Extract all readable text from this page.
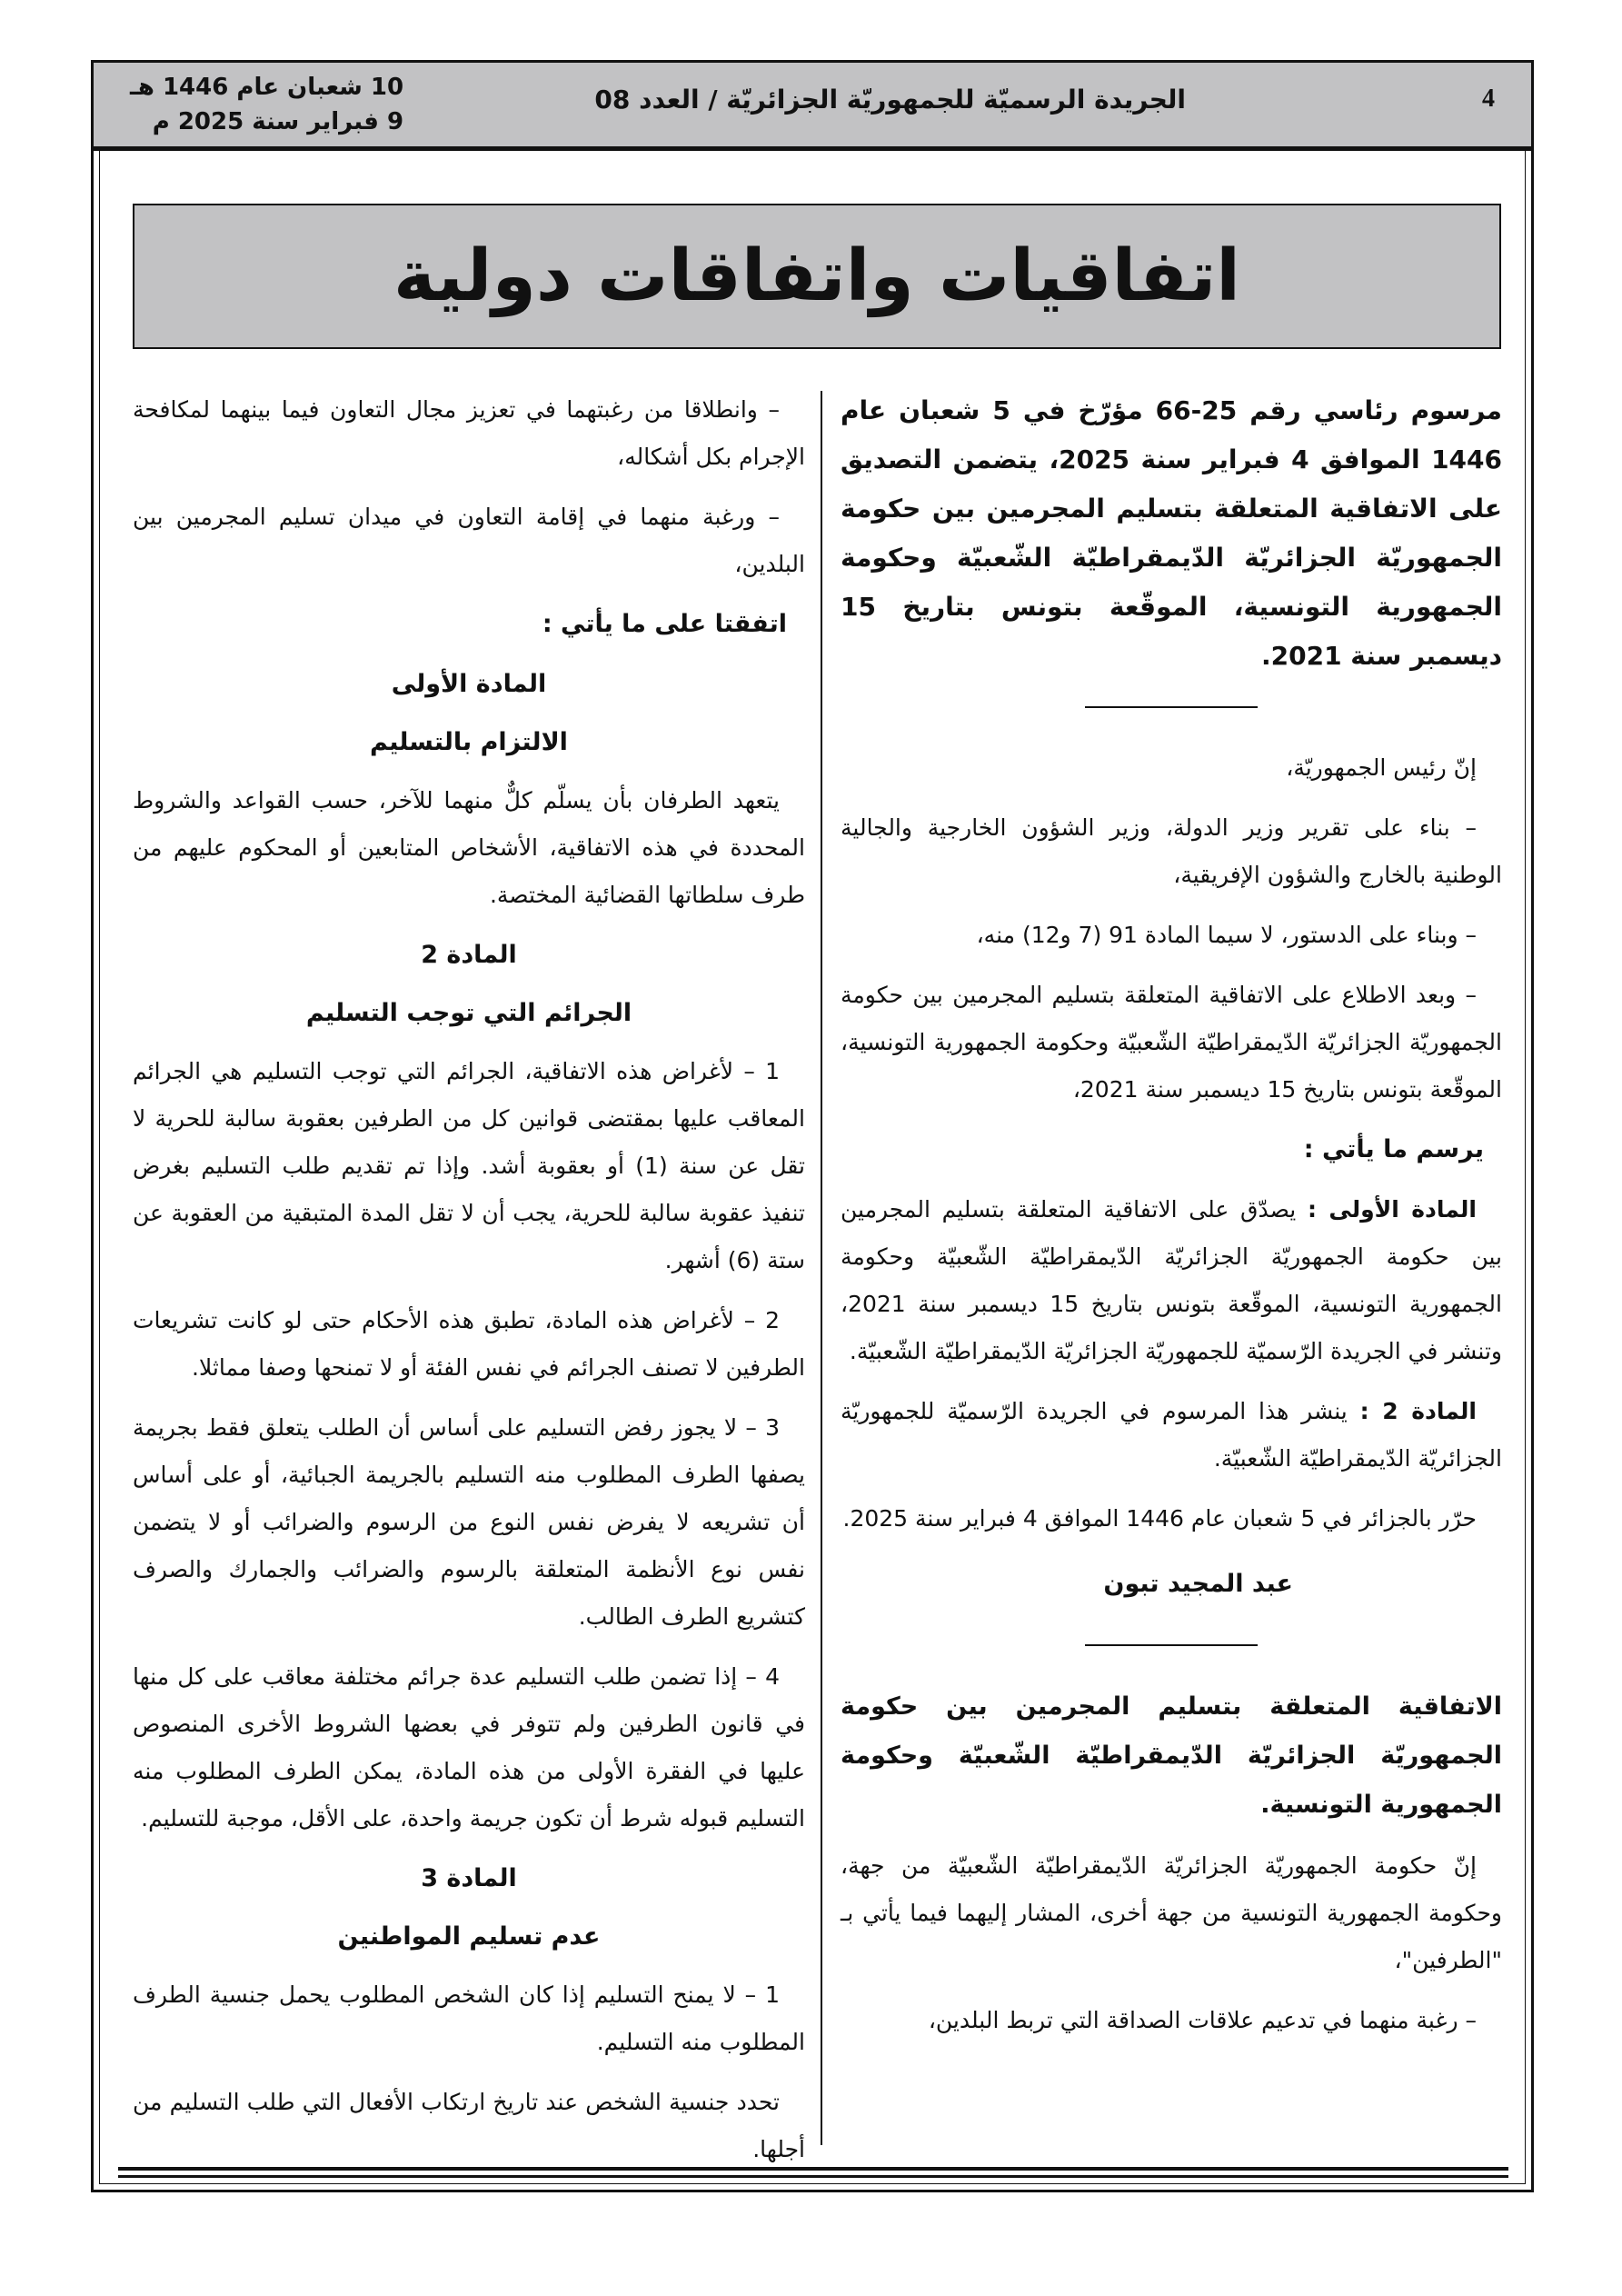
4
الجريدة الرسميّة للجمهوريّة الجزائريّة / العدد 08
10 شعبان عام 1446 هـ
9 فبراير سنة 2025 م
اتفاقيات واتفاقات دولية

مرسوم رئاسي رقم 25-66 مؤرّخ في 5 شعبان عام 1446 الموافق 4 فبراير سنة 2025، يتضمن التصديق على الاتفاقية المتعلقة بتسليم المجرمين بين حكومة الجمهوريّة الجزائريّة الدّيمقراطيّة الشّعبيّة وحكومة الجمهورية التونسية، الموقّعة بتونس بتاريخ 15 ديسمبر سنة 2021.

إنّ رئيس الجمهوريّة،

– بناء على تقرير وزير الدولة، وزير الشؤون الخارجية والجالية الوطنية بالخارج والشؤون الإفريقية،

– وبناء على الدستور، لا سيما المادة 91 (7 و12) منه،

– وبعد الاطلاع على الاتفاقية المتعلقة بتسليم المجرمين بين حكومة الجمهوريّة الجزائريّة الدّيمقراطيّة الشّعبيّة وحكومة الجمهورية التونسية، الموقّعة بتونس بتاريخ 15 ديسمبر سنة 2021،

يرسم ما يأتي :

المادة الأولى : يصدّق على الاتفاقية المتعلقة بتسليم المجرمين بين حكومة الجمهوريّة الجزائريّة الدّيمقراطيّة الشّعبيّة وحكومة الجمهورية التونسية، الموقّعة بتونس بتاريخ 15 ديسمبر سنة 2021، وتنشر في الجريدة الرّسميّة للجمهوريّة الجزائريّة الدّيمقراطيّة الشّعبيّة.

المادة 2 : ينشر هذا المرسوم في الجريدة الرّسميّة للجمهوريّة الجزائريّة الدّيمقراطيّة الشّعبيّة.

حرّر بالجزائر في 5 شعبان عام 1446 الموافق 4 فبراير سنة 2025.

عبد المجيد تبون

الاتفاقية المتعلقة بتسليم المجرمين بين حكومة الجمهوريّة الجزائريّة الدّيمقراطيّة الشّعبيّة وحكومة الجمهورية التونسية.

إنّ حكومة الجمهوريّة الجزائريّة الدّيمقراطيّة الشّعبيّة من جهة، وحكومة الجمهورية التونسية من جهة أخرى، المشار إليهما فيما يأتي بـ "الطرفين"،

– رغبة منهما في تدعيم علاقات الصداقة التي تربط البلدين،

– وانطلاقا من رغبتهما في تعزيز مجال التعاون فيما بينهما لمكافحة الإجرام بكل أشكاله،

– ورغبة منهما في إقامة التعاون في ميدان تسليم المجرمين بين البلدين،

اتفقتا على ما يأتي :

المادة الأولى

الالتزام بالتسليم

يتعهد الطرفان بأن يسلّم كلٌّ منهما للآخر، حسب القواعد والشروط المحددة في هذه الاتفاقية، الأشخاص المتابعين أو المحكوم عليهم من طرف سلطاتها القضائية المختصة.

المادة 2

الجرائم التي توجب التسليم

1 – لأغراض هذه الاتفاقية، الجرائم التي توجب التسليم هي الجرائم المعاقب عليها بمقتضى قوانين كل من الطرفين بعقوبة سالبة للحرية لا تقل عن سنة (1) أو بعقوبة أشد. وإذا تم تقديم طلب التسليم بغرض تنفيذ عقوبة سالبة للحرية، يجب أن لا تقل المدة المتبقية من العقوبة عن ستة (6) أشهر.

2 – لأغراض هذه المادة، تطبق هذه الأحكام حتى لو كانت تشريعات الطرفين لا تصنف الجرائم في نفس الفئة أو لا تمنحها وصفا مماثلا.

3 – لا يجوز رفض التسليم على أساس أن الطلب يتعلق فقط بجريمة يصفها الطرف المطلوب منه التسليم بالجريمة الجبائية، أو على أساس أن تشريعه لا يفرض نفس النوع من الرسوم والضرائب أو لا يتضمن نفس نوع الأنظمة المتعلقة بالرسوم والضرائب والجمارك والصرف كتشريع الطرف الطالب.

4 – إذا تضمن طلب التسليم عدة جرائم مختلفة معاقب على كل منها في قانون الطرفين ولم تتوفر في بعضها الشروط الأخرى المنصوص عليها في الفقرة الأولى من هذه المادة، يمكن الطرف المطلوب منه التسليم قبوله شرط أن تكون جريمة واحدة، على الأقل، موجبة للتسليم.

المادة 3

عدم تسليم المواطنين

1 – لا يمنح التسليم إذا كان الشخص المطلوب يحمل جنسية الطرف المطلوب منه التسليم.

تحدد جنسية الشخص عند تاريخ ارتكاب الأفعال التي طلب التسليم من أجلها.
